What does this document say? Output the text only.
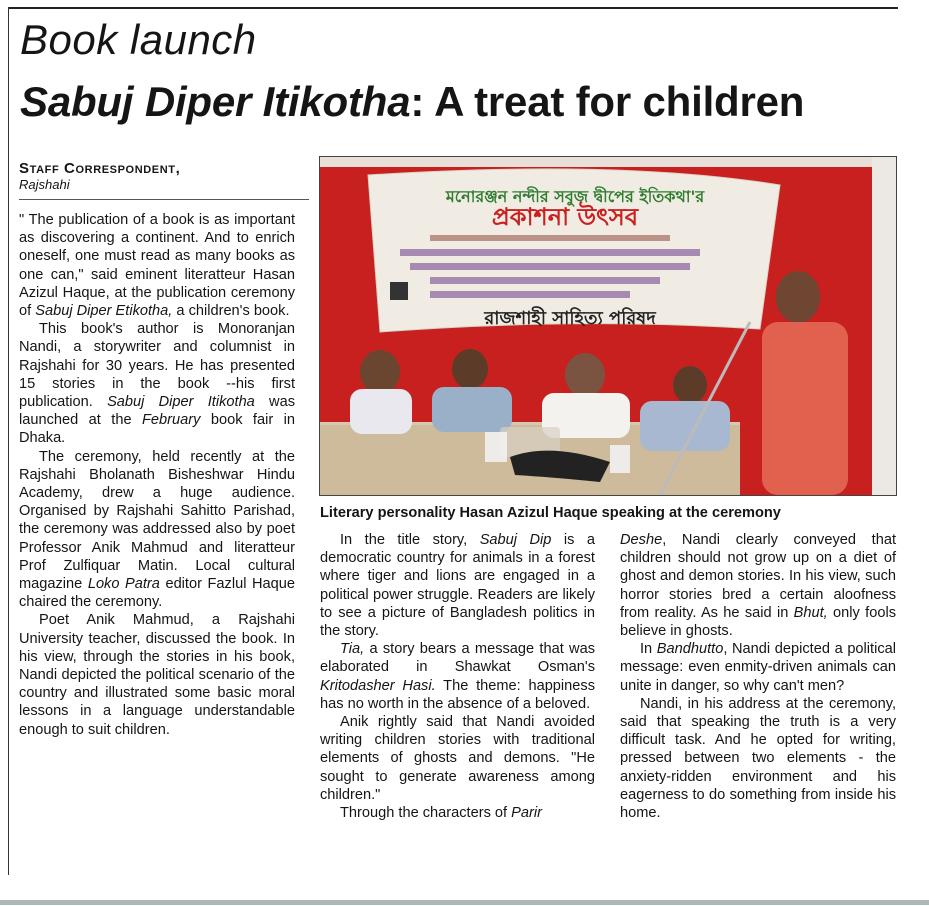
Book launch
Sabuj Diper Itikotha: A treat for children
Staff Correspondent,
Rajshahi

" The publication of a book is as important as discovering a continent. And to enrich oneself, one must read as many books as one can," said eminent literatteur Hasan Azizul Haque, at the publication ceremony of Sabuj Diper Etikotha, a children's book.

This book's author is Monoranjan Nandi, a storywriter and columnist in Rajshahi for 30 years. He has presented 15 stories in the book --his first publication. Sabuj Diper Itikotha was launched at the February book fair in Dhaka.

The ceremony, held recently at the Rajshahi Bholanath Bisheshwar Hindu Academy, drew a huge audience. Organised by Rajshahi Sahitto Parishad, the ceremony was addressed also by poet Professor Anik Mahmud and literatteur Prof Zulfiquar Matin. Local cultural magazine Loko Patra editor Fazlul Haque chaired the ceremony.

Poet Anik Mahmud, a Rajshahi University teacher, discussed the book. In his view, through the stories in his book, Nandi depicted the political scenario of the country and illustrated some basic moral lessons in a language understandable enough to suit children.

মনোরঞ্জন নন্দীর সবুজ দ্বীপের ইতিকথা'র
প্রকাশনা উৎসব
রাজশাহী সাহিত্য পরিষদ
Literary personality Hasan Azizul Haque speaking at the ceremony

In the title story, Sabuj Dip is a democratic country for animals in a forest where tiger and lions are engaged in a political power struggle. Readers are likely to see a picture of Bangladesh politics in the story.

Tia, a story bears a message that was elaborated in Shawkat Osman's Kritodasher Hasi. The theme: happiness has no worth in the absence of a beloved.

Anik rightly said that Nandi avoided writing children stories with traditional elements of ghosts and demons. "He sought to generate awareness among children."

Through the characters of Parir

Deshe, Nandi clearly conveyed that children should not grow up on a diet of ghost and demon stories. In his view, such horror stories bred a certain aloofness from reality. As he said in Bhut, only fools believe in ghosts.

In Bandhutto, Nandi depicted a political message: even enmity-driven animals can unite in danger, so why can't men?

Nandi, in his address at the ceremony, said that speaking the truth is a very difficult task. And he opted for writing, pressed between two elements - the anxiety-ridden environment and his eagerness to do something from inside his home.
